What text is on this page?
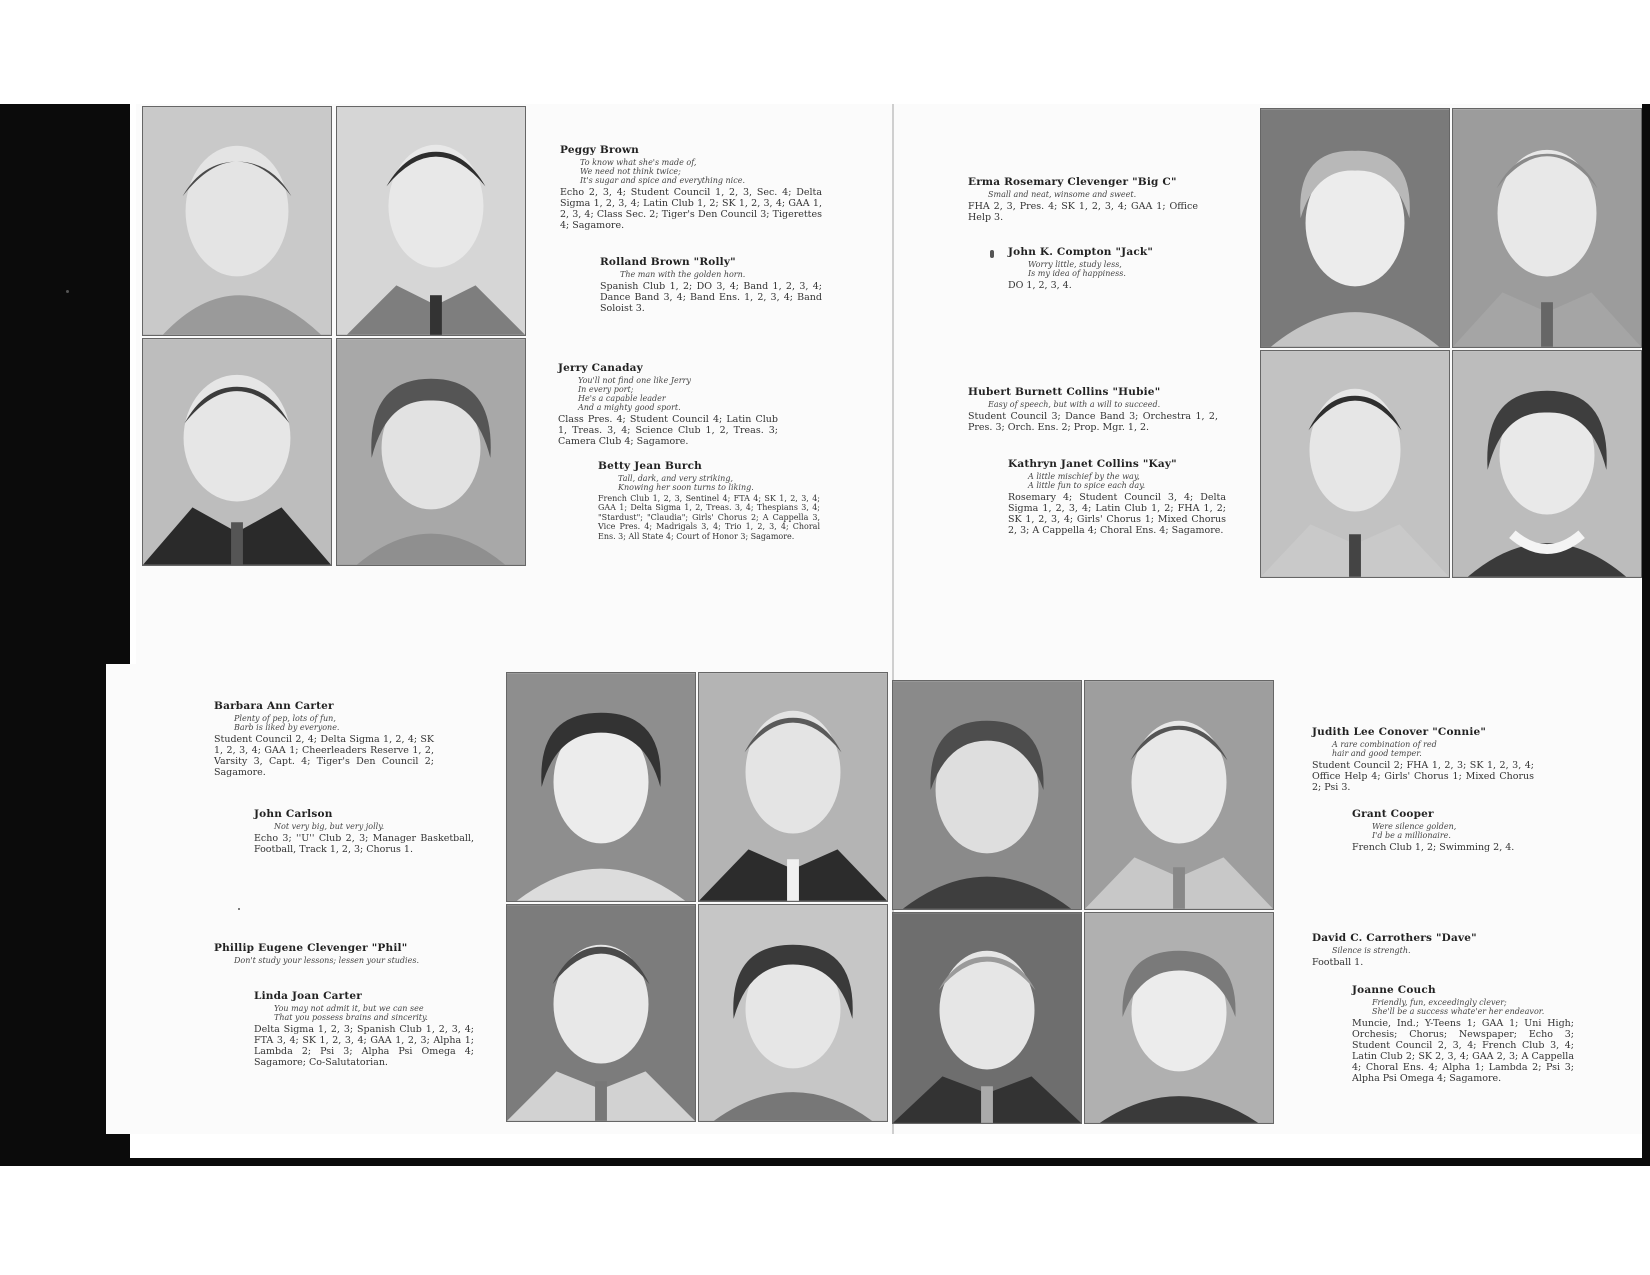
Peggy Brown
To know what she's made of,
We need not think twice;
It's sugar and spice and everything nice.
Echo 2, 3, 4; Student Council 1, 2, 3, Sec. 4; Delta Sigma 1, 2, 3, 4; Latin Club 1, 2; SK 1, 2, 3, 4; GAA 1, 2, 3, 4; Class Sec. 2; Tiger's Den Council 3; Tigerettes 4; Sagamore.
Rolland Brown "Rolly"
The man with the golden horn.
Spanish Club 1, 2; DO 3, 4; Band 1, 2, 3, 4; Dance Band 3, 4; Band Ens. 1, 2, 3, 4; Band Soloist 3.
Jerry Canaday
You'll not find one like Jerry
In every port;
He's a capable leader
And a mighty good sport.
Class Pres. 4; Student Council 4; Latin Club 1, Treas. 3, 4; Science Club 1, 2, Treas. 3; Camera Club 4; Sagamore.
Betty Jean Burch
Tall, dark, and very striking,
Knowing her soon turns to liking.
French Club 1, 2, 3, Sentinel 4; FTA 4; SK 1, 2, 3, 4; GAA 1; Delta Sigma 1, 2, Treas. 3, 4; Thespians 3, 4; "Stardust"; "Claudia"; Girls' Chorus 2; A Cappella 3, Vice Pres. 4; Madrigals 3, 4; Trio 1, 2, 3, 4; Choral Ens. 3; All State 4; Court of Honor 3; Sagamore.
Erma Rosemary Clevenger "Big C"
Small and neat, winsome and sweet.
FHA 2, 3, Pres. 4; SK 1, 2, 3, 4; GAA 1; Office Help 3.
John K. Compton "Jack"
Worry little, study less,
Is my idea of happiness.
DO 1, 2, 3, 4.
Hubert Burnett Collins "Hubie"
Easy of speech, but with a will to succeed.
Student Council 3; Dance Band 3; Orchestra 1, 2, Pres. 3; Orch. Ens. 2; Prop. Mgr. 1, 2.
Kathryn Janet Collins "Kay"
A little mischief by the way,
A little fun to spice each day.
Rosemary 4; Student Council 3, 4; Delta Sigma 1, 2, 3, 4; Latin Club 1, 2; FHA 1, 2; SK 1, 2, 3, 4; Girls' Chorus 1; Mixed Chorus 2, 3; A Cappella 4; Choral Ens. 4; Sagamore.
Barbara Ann Carter
Plenty of pep, lots of fun,
Barb is liked by everyone.
Student Council 2, 4; Delta Sigma 1, 2, 4; SK 1, 2, 3, 4; GAA 1; Cheerleaders Reserve 1, 2, Varsity 3, Capt. 4; Tiger's Den Council 2; Sagamore.
John Carlson
Not very big, but very jolly.
Echo 3; ''U'' Club 2, 3; Manager Basketball, Football, Track 1, 2, 3; Chorus 1.
Phillip Eugene Clevenger "Phil"
Don't study your lessons; lessen your studies.
Linda Joan Carter
You may not admit it, but we can see
That you possess brains and sincerity.
Delta Sigma 1, 2, 3; Spanish Club 1, 2, 3, 4; FTA 3, 4; SK 1, 2, 3, 4; GAA 1, 2, 3; Alpha 1; Lambda 2; Psi 3; Alpha Psi Omega 4; Sagamore; Co-Salutatorian.
Judith Lee Conover "Connie"
A rare combination of red
hair and good temper.
Student Council 2; FHA 1, 2, 3; SK 1, 2, 3, 4; Office Help 4; Girls' Chorus 1; Mixed Chorus 2; Psi 3.
Grant Cooper
Were silence golden,
I'd be a millionaire.
French Club 1, 2; Swimming 2, 4.
David C. Carrothers "Dave"
Silence is strength.
Football 1.
Joanne Couch
Friendly, fun, exceedingly clever;
She'll be a success whate'er her endeavor.
Muncie, Ind.; Y-Teens 1; GAA 1; Uni High; Orchesis; Chorus; Newspaper; Echo 3; Student Council 2, 3, 4; French Club 3, 4; Latin Club 2; SK 2, 3, 4; GAA 2, 3; A Cappella 4; Choral Ens. 4; Alpha 1; Lambda 2; Psi 3; Alpha Psi Omega 4; Sagamore.
